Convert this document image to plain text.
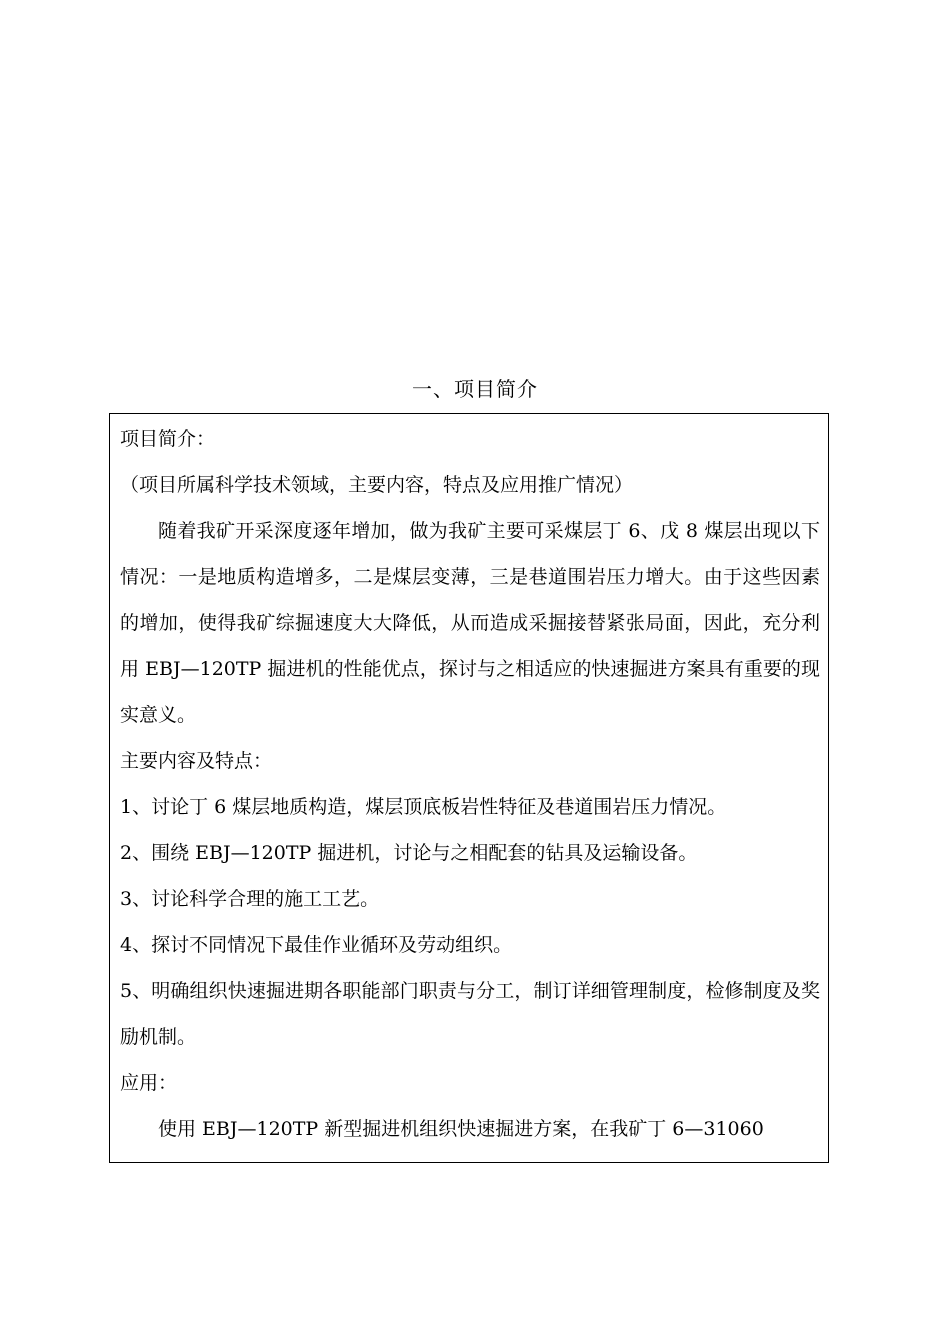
一、项目简介
项目简介：
（项目所属科学技术领域，主要内容，特点及应用推广情况）

随着我矿开采深度逐年增加，做为我矿主要可采煤层丁 6、戊 8 煤层出现以下情况：一是地质构造增多，二是煤层变薄，三是巷道围岩压力增大。由于这些因素的增加，使得我矿综掘速度大大降低，从而造成采掘接替紧张局面，因此，充分利用 EBJ—120TP 掘进机的性能优点，探讨与之相适应的快速掘进方案具有重要的现实意义。

主要内容及特点：
1、讨论丁 6 煤层地质构造，煤层顶底板岩性特征及巷道围岩压力情况。
2、围绕 EBJ—120TP 掘进机，讨论与之相配套的钻具及运输设备。
3、讨论科学合理的施工工艺。
4、探讨不同情况下最佳作业循环及劳动组织。

5、明确组织快速掘进期各职能部门职责与分工，制订详细管理制度，检修制度及奖励机制。

应用：

使用 EBJ—120TP 新型掘进机组织快速掘进方案，在我矿丁 6—31060
